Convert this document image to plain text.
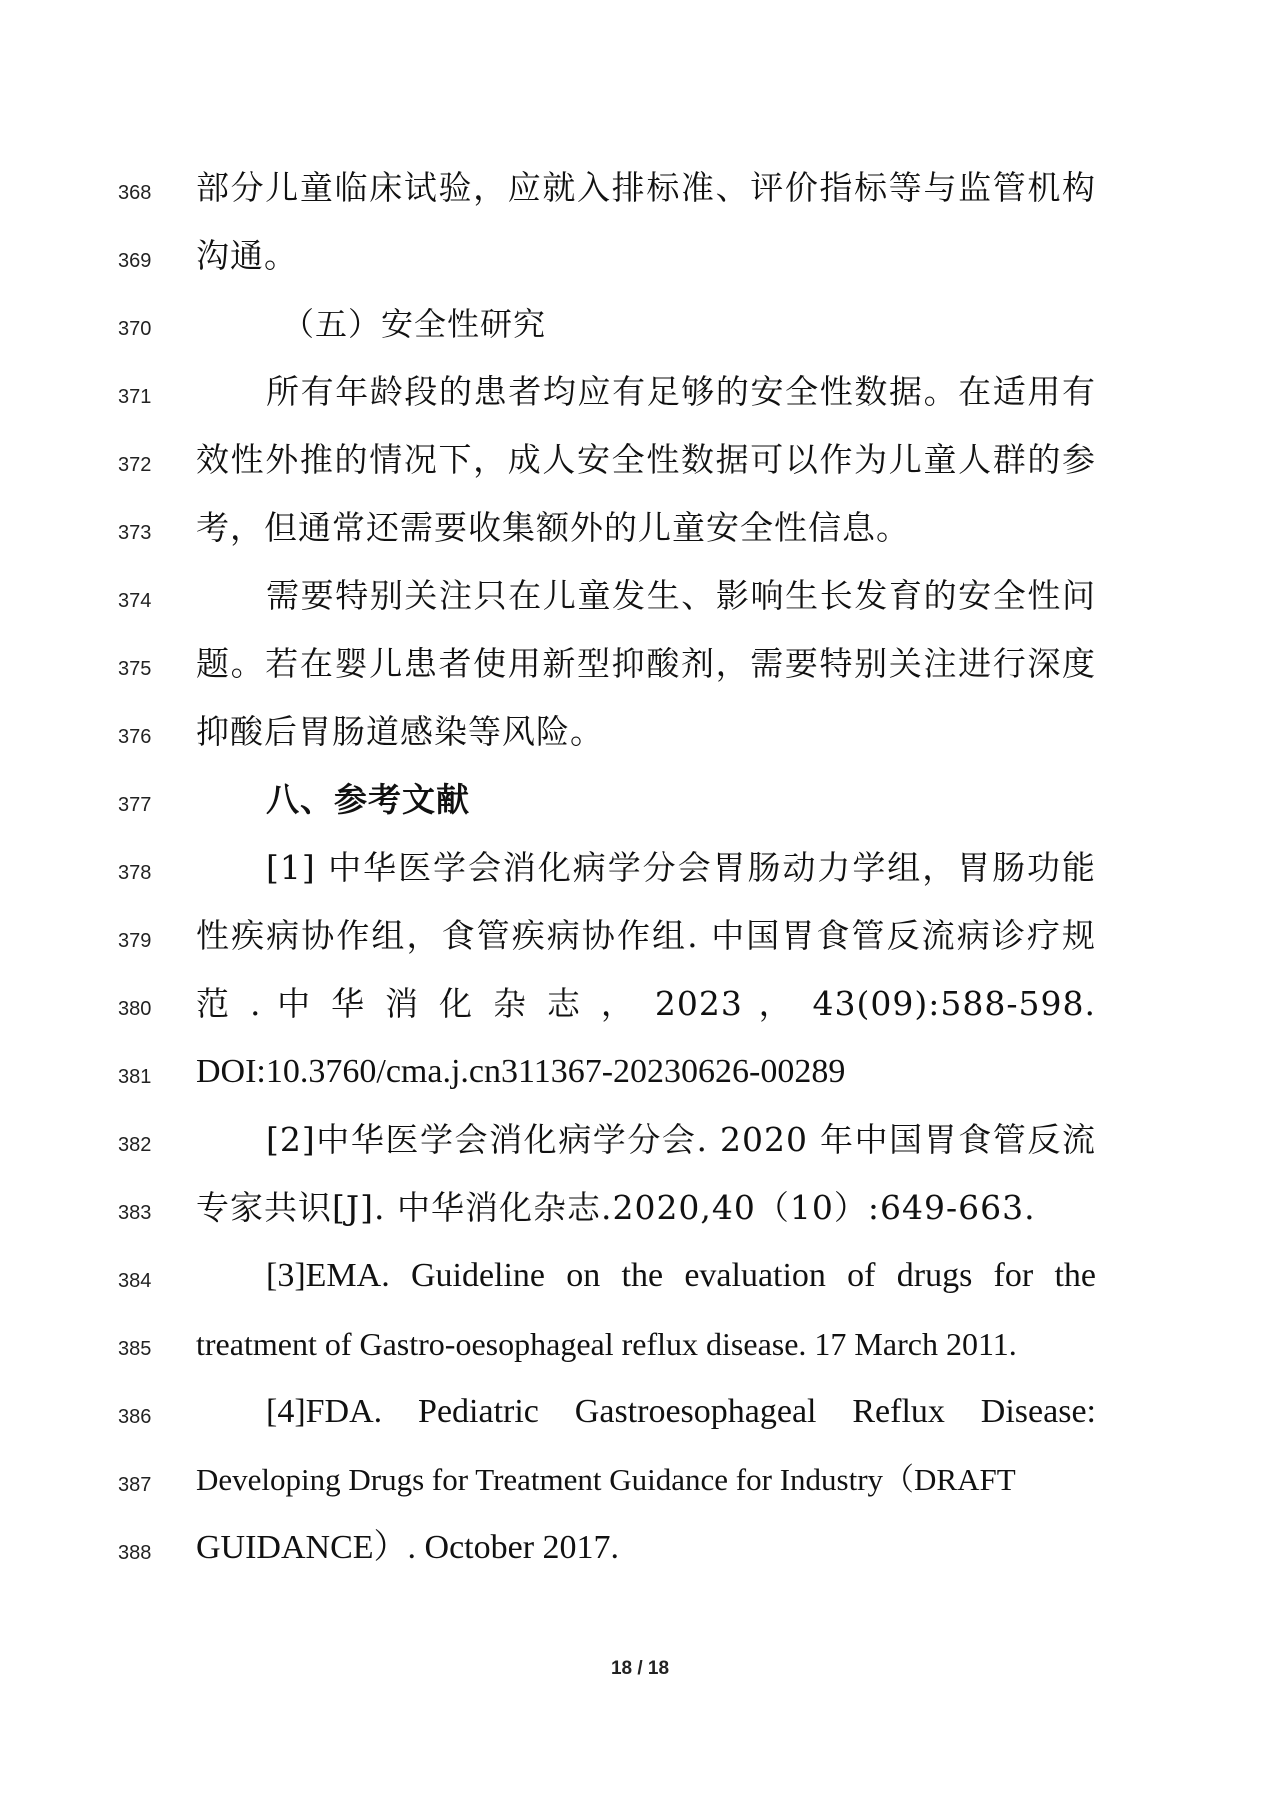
368	部分儿童临床试验，应就入排标准、评价指标等与监管机构
369	沟通。
370	（五）安全性研究
371	所有年龄段的患者均应有足够的安全性数据。在适用有
372	效性外推的情况下，成人安全性数据可以作为儿童人群的参
373	考，但通常还需要收集额外的儿童安全性信息。
374	需要特别关注只在儿童发生、影响生长发育的安全性问
375	题。若在婴儿患者使用新型抑酸剂，需要特别关注进行深度
376	抑酸后胃肠道感染等风险。
377	八、参考文献
378	[1] 中华医学会消化病学分会胃肠动力学组，胃肠功能
379	性疾病协作组，食管疾病协作组. 中国胃食管反流病诊疗规
380	范 . 中 华 消 化 杂 志 ， 2023 ， 43(09):588-598.
381	DOI:10.3760/cma.j.cn311367-20230626-00289
382	[2]中华医学会消化病学分会. 2020 年中国胃食管反流
383	专家共识[J]. 中华消化杂志.2020,40（10）:649-663.
384	[3]EMA. Guideline on the evaluation of drugs for the
385	treatment of Gastro-oesophageal reflux disease. 17 March 2011.
386	[4]FDA. Pediatric Gastroesophageal Reflux Disease:
387	Developing Drugs for Treatment Guidance for Industry（DRAFT
388	GUIDANCE）. October 2017.
18 / 18
